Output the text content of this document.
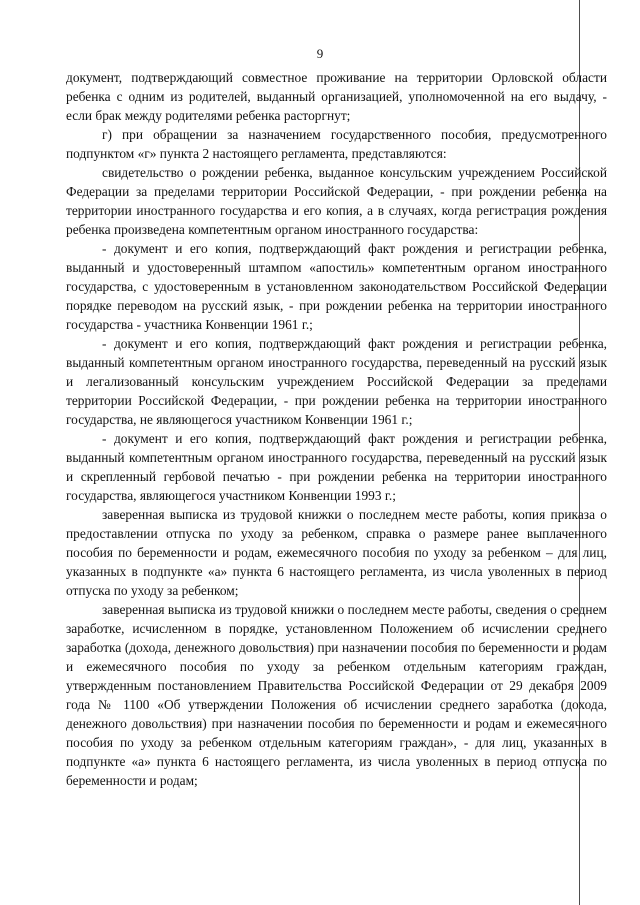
9

документ, подтверждающий совместное проживание на территории Орловской области ребенка с одним из родителей, выданный организацией, уполномоченной на его выдачу, - если брак между родителями ребенка расторгнут;

г) при обращении за назначением государственного пособия, предусмотренного подпунктом «г» пункта 2 настоящего регламента, представляются:

свидетельство о рождении ребенка, выданное консульским учреждением Российской Федерации за пределами территории Российской Федерации, - при рождении ребенка на территории иностранного государства и его копия, а в случаях, когда регистрация рождения ребенка произведена компетентным органом иностранного государства:

- документ и его копия, подтверждающий факт рождения и регистрации ребенка, выданный и удостоверенный штампом «апостиль» компетентным органом иностранного государства, с удостоверенным в установленном законодательством Российской Федерации порядке переводом на русский язык, - при рождении ребенка на территории иностранного государства - участника Конвенции 1961 г.;

- документ и его копия, подтверждающий факт рождения и регистрации ребенка, выданный компетентным органом иностранного государства, переведенный на русский язык и легализованный консульским учреждением Российской Федерации за пределами территории Российской Федерации, - при рождении ребенка на территории иностранного государства, не являющегося участником Конвенции 1961 г.;

- документ и его копия, подтверждающий факт рождения и регистрации ребенка, выданный компетентным органом иностранного государства, переведенный на русский язык и скрепленный гербовой печатью - при рождении ребенка на территории иностранного государства, являющегося участником Конвенции 1993 г.;

заверенная выписка из трудовой книжки о последнем месте работы, копия приказа о предоставлении отпуска по уходу за ребенком, справка о размере ранее выплаченного пособия по беременности и родам, ежемесячного пособия по уходу за ребенком – для лиц, указанных в подпункте «а» пункта 6 настоящего регламента, из числа уволенных в период отпуска по уходу за ребенком;

заверенная выписка из трудовой книжки о последнем месте работы, сведения о среднем заработке, исчисленном в порядке, установленном Положением об исчислении среднего заработка (дохода, денежного довольствия) при назначении пособия по беременности и родам и ежемесячного пособия по уходу за ребенком отдельным категориям граждан, утвержденным постановлением Правительства Российской Федерации от 29 декабря 2009 года № 1100 «Об утверждении Положения об исчислении среднего заработка (дохода, денежного довольствия) при назначении пособия по беременности и родам и ежемесячного пособия по уходу за ребенком отдельным категориям граждан», - для лиц, указанных в подпункте «а» пункта 6 настоящего регламента, из числа уволенных в период отпуска по беременности и родам;
